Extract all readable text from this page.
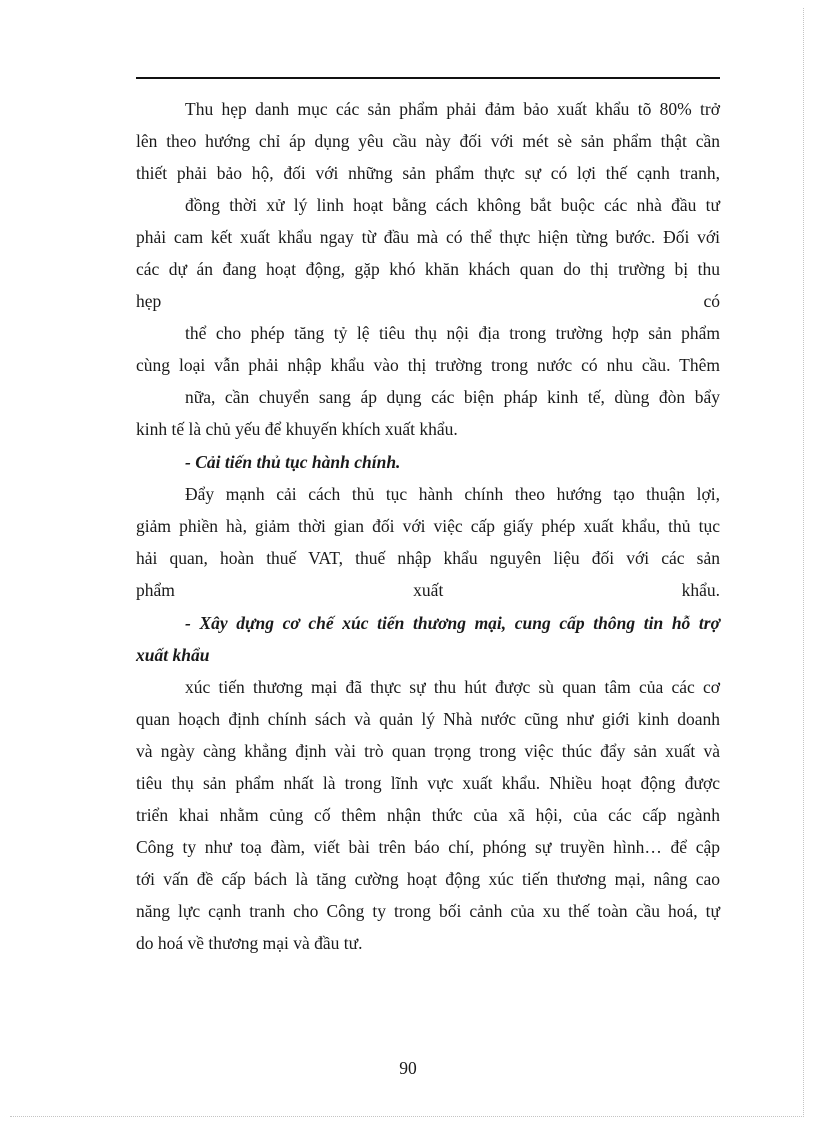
Thu hẹp danh mục các sản phẩm phải đảm bảo xuất khẩu tõ 80% trở
lên theo hướng chỉ áp dụng yêu cầu này đối với mét sè sản phẩm thật cần
thiết phải bảo hộ, đối với những sản phẩm thực sự có lợi thế cạnh tranh,
đồng thời xử lý linh hoạt bằng cách không bắt buộc các nhà đầu tư
phải cam kết xuất khẩu ngay từ đầu mà có thể thực hiện từng bước. Đối với
các dự án đang hoạt động, gặp khó khăn khách quan do thị trường bị thu
hẹp	có
thể cho phép tăng tỷ lệ tiêu thụ nội địa trong trường hợp sản phẩm
cùng loại vẫn phải nhập khẩu vào thị trường trong nước có nhu cầu. Thêm
nữa, cần chuyển sang áp dụng các biện pháp kinh tế, dùng đòn bẩy
kinh tế là chủ yếu để khuyến khích xuất khẩu.
- Cải tiến thủ tục hành chính.
Đẩy mạnh cải cách thủ tục hành chính theo hướng tạo thuận lợi,
giảm phiền hà, giảm thời gian đối với việc cấp giấy phép xuất khẩu, thủ tục
hải quan, hoàn thuế VAT, thuế nhập khẩu nguyên liệu đối với các sản
phẩm	xuất	khẩu.
- Xây dựng cơ chế xúc tiến thương mại, cung cấp thông tin hỗ trợ
xuất khẩu
xúc tiến thương mại đã thực sự thu hút được sù quan tâm của các cơ
quan hoạch định chính sách và quản lý Nhà nước cũng như giới kinh doanh
và ngày càng khẳng định vài trò quan trọng trong việc thúc đẩy sản xuất và
tiêu thụ sản phẩm nhất là trong lĩnh vực xuất khẩu. Nhiều hoạt động được
triển khai nhằm củng cố thêm nhận thức của xã hội, của các cấp ngành
Công ty như toạ đàm, viết bài trên báo chí, phóng sự truyền hình… để cập
tới vấn đề cấp bách là tăng cường hoạt động xúc tiến thương mại, nâng cao
năng lực cạnh tranh cho Công ty trong bối cảnh của xu thế toàn cầu hoá, tự
do hoá về thương mại và đầu tư.
90
